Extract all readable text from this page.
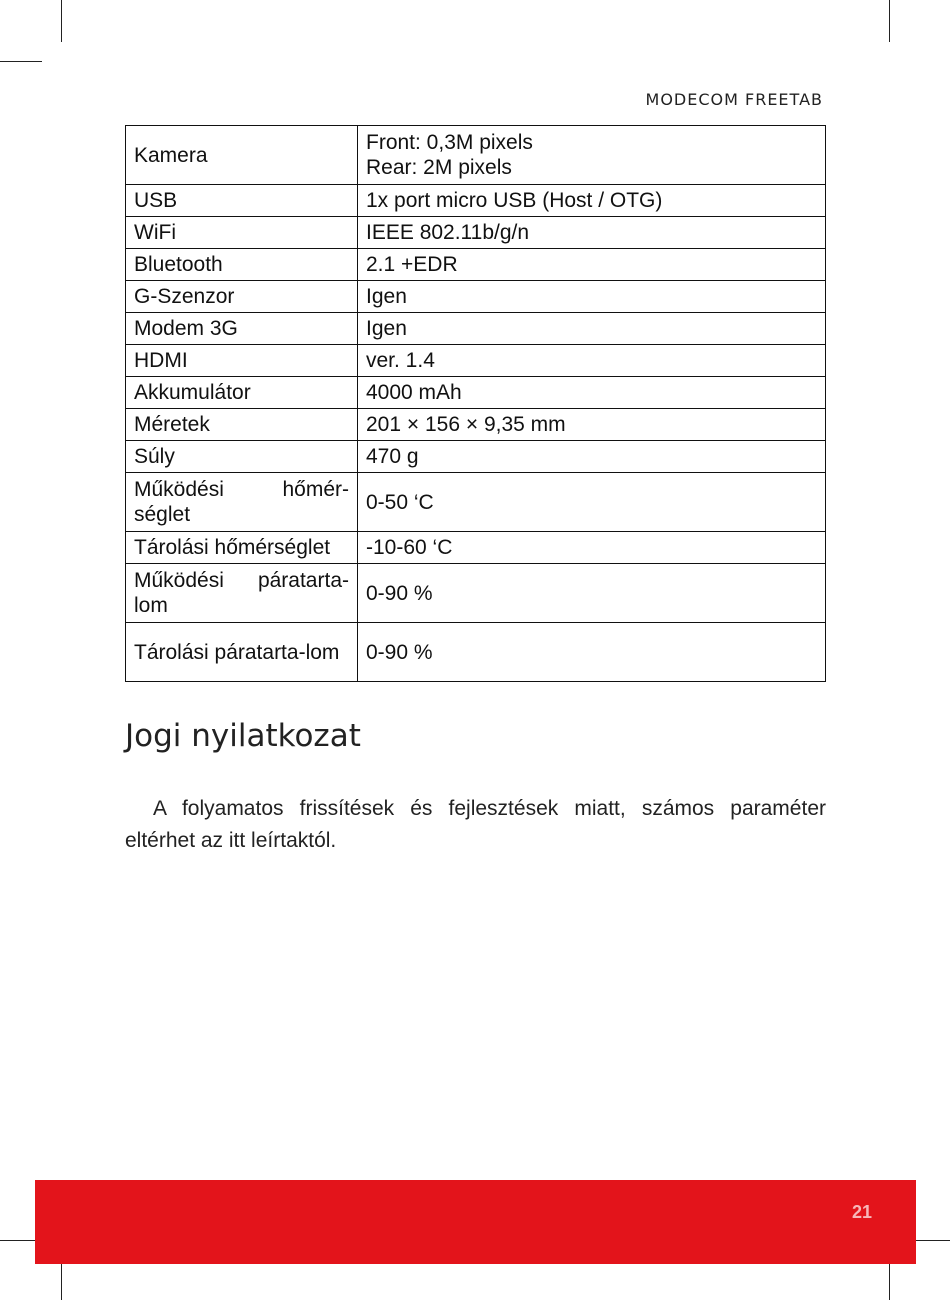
MODECOM FREETAB
Kamera	Front: 0,3M pixels
Rear: 2M pixels

USB	1x port micro USB (Host / OTG)
WiFi	IEEE 802.11b/g/n
Bluetooth	2.1 +EDR
G-Szenzor	Igen
Modem 3G	Igen
HDMI	ver. 1.4
Akkumulátor	4000 mAh
Méretek	201 × 156 × 9,35 mm
Súly	470 g
Működési hőmér-séglet	0-50 ‘C
Tárolási hőmérséglet	-10-60 ‘C
Működési páratarta-lom	0-90 %
Tárolási páratarta-lom	0-90 %
Jogi nyilatkozat

A folyamatos frissítések és fejlesztések miatt, számos paraméter eltérhet az itt leírtaktól.

21
